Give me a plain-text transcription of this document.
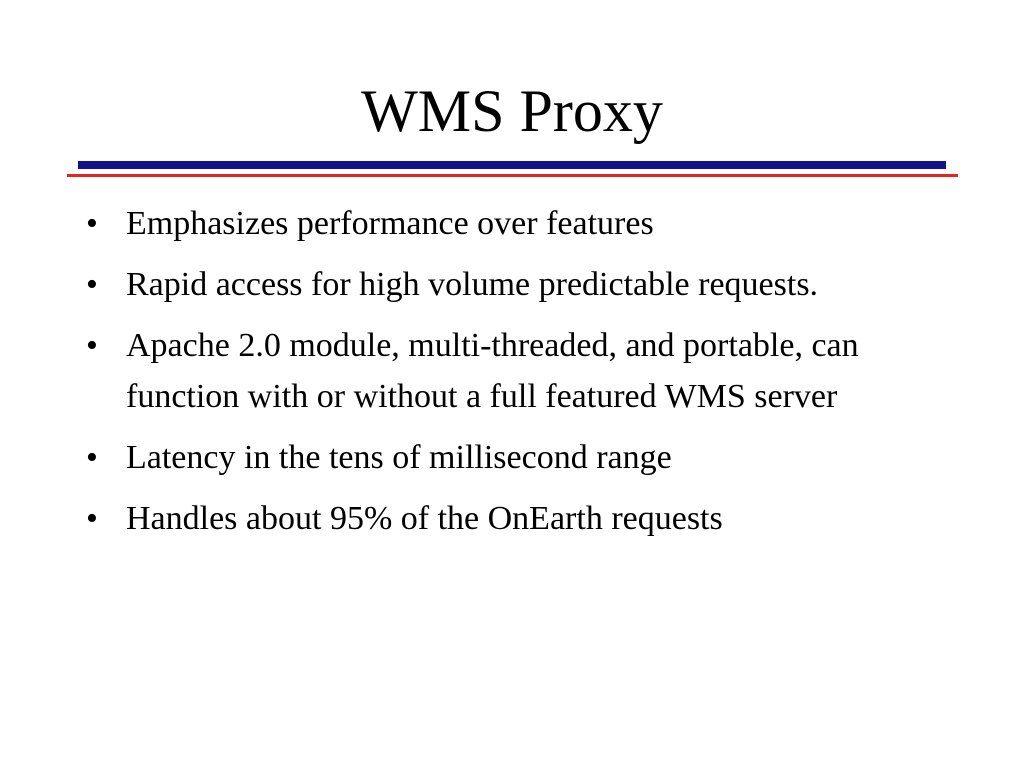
WMS Proxy
• Emphasizes performance over features
• Rapid access for high volume predictable requests.
• Apache 2.0 module, multi-threaded, and portable, can function with or without a full featured WMS server
• Latency in the tens of millisecond range
• Handles about 95% of the OnEarth requests
